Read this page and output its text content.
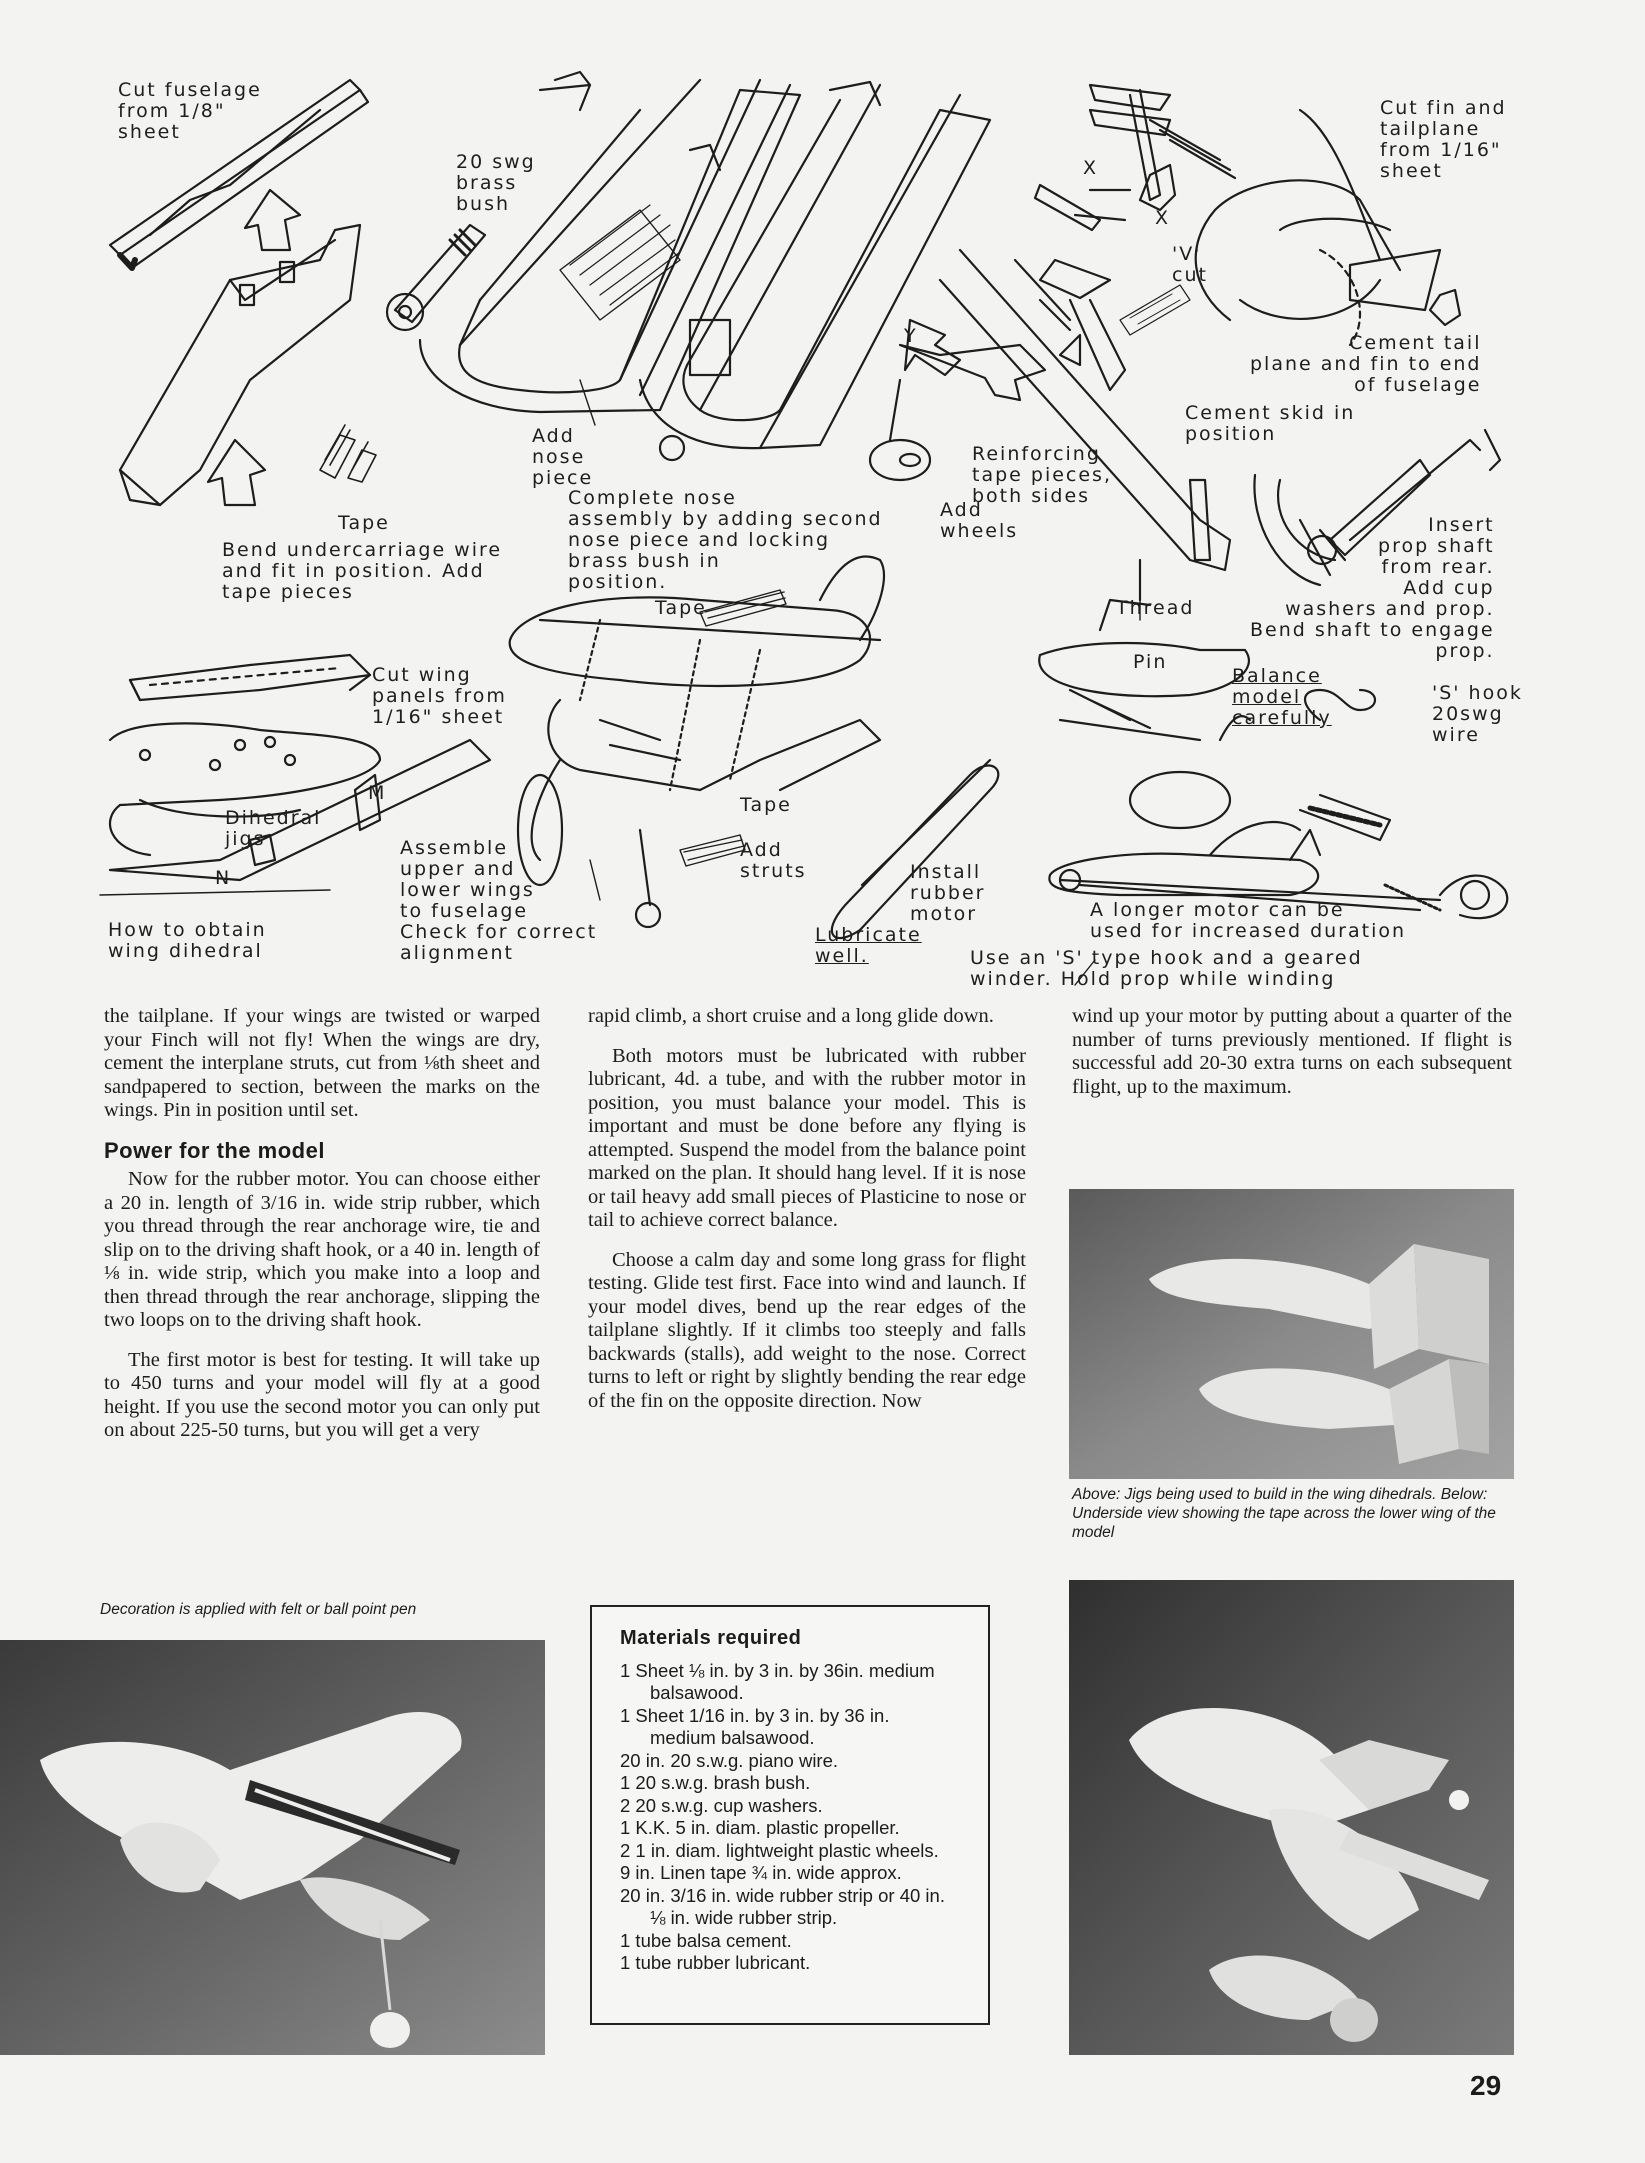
Cut fuselage
from 1/8"
sheet
20 swg
brass
bush
Cut fin and
tailplane
from 1/16"
sheet
Cement tail
plane and fin to end
of fuselage
Cement skid in
position
X
X
'V'
cut
Y
Add
nose
piece
Reinforcing
tape pieces,
both sides
Complete nose
assembly by adding second
nose piece and locking
brass bush in
position.
Add
wheels
Tape
Bend undercarriage wire
and fit in position. Add
tape pieces
Tape
Insert
prop shaft
from rear.
Add cup
washers and prop.
Bend shaft to engage
prop.
Thread
Pin
Balance
model
carefully
'S' hook
20swg
wire
Cut wing
panels from
1/16" sheet
Dihedral
jigs
M
N
Tape
Add
struts
Assemble
upper and
lower wings
to fuselage
Check for correct
alignment
How to obtain
wing dihedral
Install
rubber
motor
Lubricate
well.
A longer motor can be
used for increased duration
Use an 'S' type hook and a geared
winder. Hold prop while winding

the tailplane. If your wings are twisted or warped your Finch will not fly! When the wings are dry, cement the interplane struts, cut from ⅛th sheet and sandpapered to section, between the marks on the wings. Pin in position until set.

Power for the model

Now for the rubber motor. You can choose either a 20 in. length of 3/16 in. wide strip rubber, which you thread through the rear anchorage wire, tie and slip on to the driving shaft hook, or a 40 in. length of ⅛ in. wide strip, which you make into a loop and then thread through the rear anchorage, slipping the two loops on to the driving shaft hook.

The first motor is best for testing. It will take up to 450 turns and your model will fly at a good height. If you use the second motor you can only put on about 225-50 turns, but you will get a very

rapid climb, a short cruise and a long glide down.

Both motors must be lubricated with rubber lubricant, 4d. a tube, and with the rubber motor in position, you must balance your model. This is important and must be done before any flying is attempted. Suspend the model from the balance point marked on the plan. It should hang level. If it is nose or tail heavy add small pieces of Plasticine to nose or tail to achieve correct balance.

Choose a calm day and some long grass for flight testing. Glide test first. Face into wind and launch. If your model dives, bend up the rear edges of the tailplane slightly. If it climbs too steeply and falls backwards (stalls), add weight to the nose. Correct turns to left or right by slightly bending the rear edge of the fin on the opposite direction. Now

wind up your motor by putting about a quarter of the number of turns previously mentioned. If flight is successful add 20-30 extra turns on each subsequent flight, up to the maximum.

Above: Jigs being used to build in the wing dihedrals. Below: Underside view showing the tape across the lower wing of the model
Decoration is applied with felt or ball point pen
Materials required
1 Sheet ⅛ in. by 3 in. by 36in. medium balsawood.
1 Sheet 1/16 in. by 3 in. by 36 in. medium balsawood.
20 in. 20 s.w.g. piano wire.
1 20 s.w.g. brash bush.
2 20 s.w.g. cup washers.
1 K.K. 5 in. diam. plastic propeller.
2 1 in. diam. lightweight plastic wheels.
9 in. Linen tape ¾ in. wide approx.
20 in. 3/16 in. wide rubber strip or 40 in. ⅛ in. wide rubber strip.
1 tube balsa cement.
1 tube rubber lubricant.
29
